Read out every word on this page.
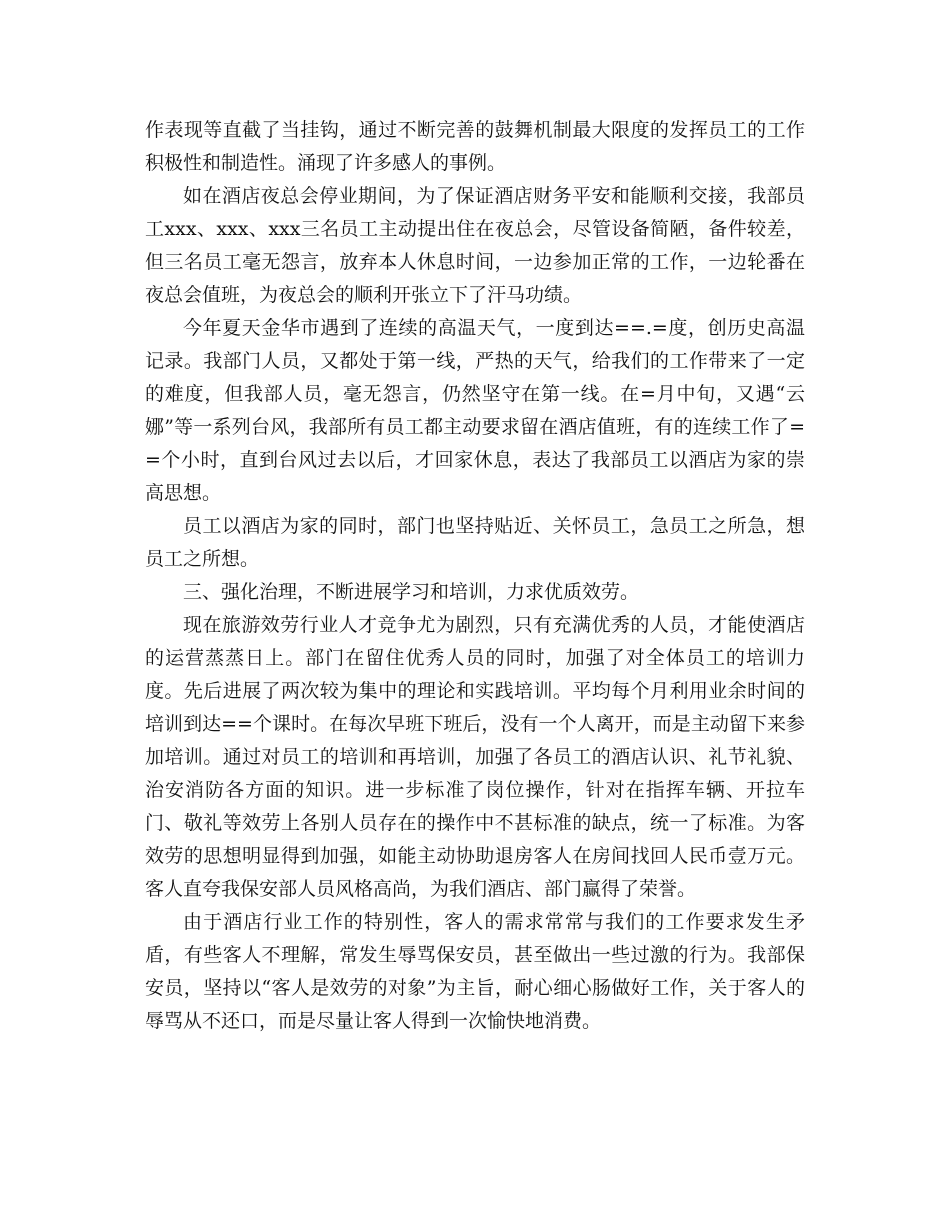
作表现等直截了当挂钩，通过不断完善的鼓舞机制最大限度的发挥员工的工作积极性和制造性。涌现了许多感人的事例。

如在酒店夜总会停业期间，为了保证酒店财务平安和能顺利交接，我部员工xxx、xxx、xxx三名员工主动提出住在夜总会，尽管设备简陋，备件较差，但三名员工毫无怨言，放弃本人休息时间，一边参加正常的工作，一边轮番在夜总会值班，为夜总会的顺利开张立下了汗马功绩。

今年夏天金华市遇到了连续的高温天气，一度到达==.=度，创历史高温记录。我部门人员，又都处于第一线，严热的天气，给我们的工作带来了一定的难度，但我部人员，毫无怨言，仍然坚守在第一线。在=月中旬，又遇“云娜”等一系列台风，我部所有员工都主动要求留在酒店值班，有的连续工作了==个小时，直到台风过去以后，才回家休息，表达了我部员工以酒店为家的崇高思想。

员工以酒店为家的同时，部门也坚持贴近、关怀员工，急员工之所急，想员工之所想。

三、强化治理，不断进展学习和培训，力求优质效劳。

现在旅游效劳行业人才竞争尤为剧烈，只有充满优秀的人员，才能使酒店的运营蒸蒸日上。部门在留住优秀人员的同时，加强了对全体员工的培训力度。先后进展了两次较为集中的理论和实践培训。平均每个月利用业余时间的培训到达==个课时。在每次早班下班后，没有一个人离开，而是主动留下来参加培训。通过对员工的培训和再培训，加强了各员工的酒店认识、礼节礼貌、治安消防各方面的知识。进一步标准了岗位操作，针对在指挥车辆、开拉车门、敬礼等效劳上各别人员存在的操作中不甚标准的缺点，统一了标准。为客效劳的思想明显得到加强，如能主动协助退房客人在房间找回人民币壹万元。客人直夸我保安部人员风格高尚，为我们酒店、部门赢得了荣誉。

由于酒店行业工作的特别性，客人的需求常常与我们的工作要求发生矛盾，有些客人不理解，常发生辱骂保安员，甚至做出一些过激的行为。我部保安员，坚持以“客人是效劳的对象”为主旨，耐心细心肠做好工作，关于客人的辱骂从不还口，而是尽量让客人得到一次愉快地消费。
